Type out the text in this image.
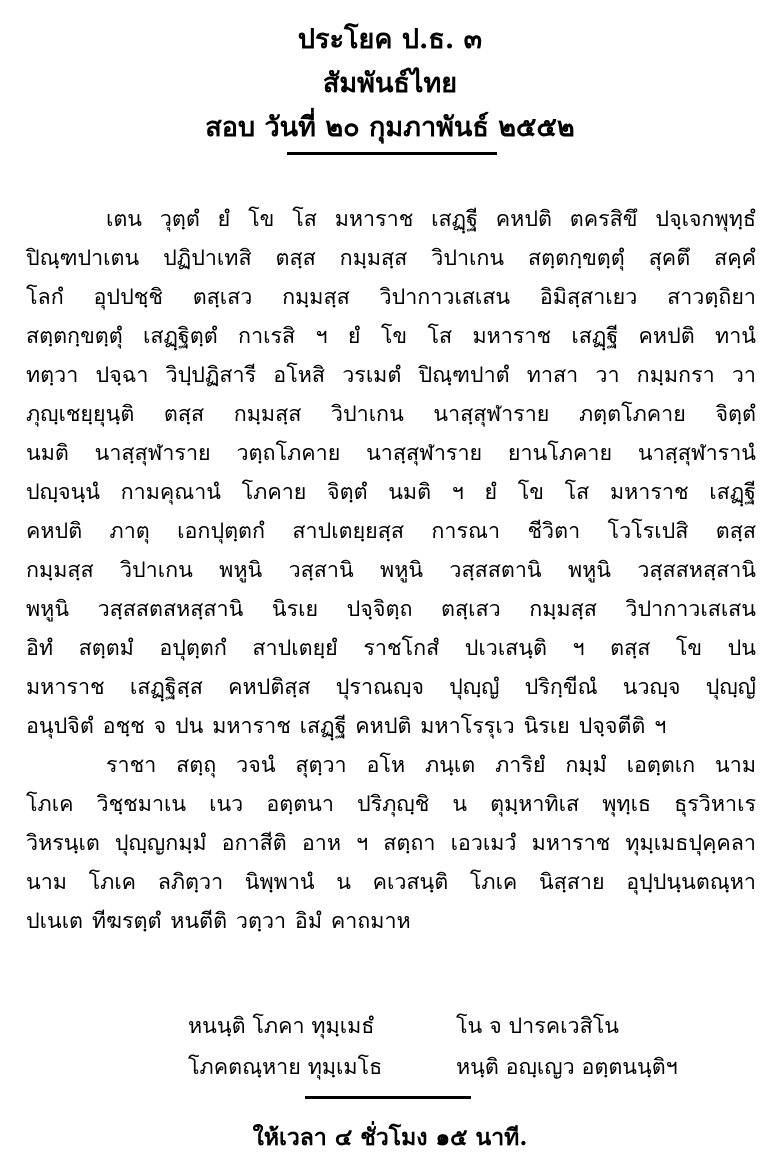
ประโยค ป.ธ. ๓
สัมพันธ์ไทย
สอบ วันที่ ๒๐ กุมภาพันธ์ ๒๕๕๒
เตน วุตฺตํ ยํ โข โส มหาราช เสฏฺฐี คหปติ ตครสิขึ ปจฺเจกพุทฺธํ
ปิณฺฑปาเตน ปฏิปาเทสิ ตสฺส กมฺมสฺส วิปาเกน สตฺตกฺขตฺตุํ สุคตึ สคฺคํ
โลกํ อุปปชฺชิ ตสฺเสว กมฺมสฺส วิปากาวเสเสน อิมิสฺสาเยว สาวตฺถิยา
สตฺตกฺขตฺตุํ เสฏฺฐิตฺตํ กาเรสิ ฯ ยํ โข โส มหาราช เสฏฺฐี คหปติ ทานํ
ทตฺวา ปจฺฉา วิปฺปฏิสารี อโหสิ วรเมตํ ปิณฺฑปาตํ ทาสา วา กมฺมกรา วา
ภุญฺเชยฺยุนฺติ ตสฺส กมฺมสฺส วิปาเกน นาสฺสุฬาราย ภตฺตโภคาย จิตฺตํ
นมติ นาสฺสุฬาราย วตฺถโภคาย นาสฺสุฬาราย ยานโภคาย นาสฺสุฬารานํ
ปญฺจนฺนํ กามคุณานํ โภคาย จิตฺตํ นมติ ฯ ยํ โข โส มหาราช เสฏฺฐี
คหปติ ภาตุ เอกปุตฺตกํ สาปเตยฺยสฺส การณา ชีวิตา โวโรเปสิ ตสฺส
กมฺมสฺส วิปาเกน พหูนิ วสฺสานิ พหูนิ วสฺสสตานิ พหูนิ วสฺสสหสฺสานิ
พหูนิ วสฺสสตสหสฺสานิ นิรเย ปจฺจิตฺถ ตสฺเสว กมฺมสฺส วิปากาวเสเสน
อิทํ สตฺตมํ อปุตฺตกํ สาปเตยฺยํ ราชโกสํ ปเวเสนฺติ ฯ ตสฺส โข ปน
มหาราช เสฏฺฐิสฺส คหปติสฺส ปุราณญฺจ ปุญฺญํ ปริกฺขีณํ นวญฺจ ปุญฺญํ
อนุปจิตํ อชฺช จ ปน มหาราช เสฏฺฐี คหปติ มหาโรรุเว นิรเย ปจฺจตีติ ฯ
ราชา สตฺถุ วจนํ สุตฺวา อโห ภนฺเต ภาริยํ กมฺมํ เอตฺตเก นาม
โภเค วิชฺชมาเน เนว อตฺตนา ปริภุญฺชิ น ตุมฺหาทิเส พุทฺเธ ธุรวิหาเร
วิหรนฺเต ปุญฺญกมฺมํ อกาสีติ อาห ฯ สตฺถา เอวเมวํ มหาราช ทุมฺเมธปุคฺคลา
นาม โภเค ลภิตฺวา นิพฺพานํ น คเวสนฺติ โภเค นิสฺสาย อุปฺปนฺนตณฺหา
ปเนเต ทีฆรตฺตํ หนตีติ วตฺวา อิมํ คาถมาห
หนนฺติ โภคา ทุมฺเมธํ	โน จ ปารคเวสิโน
โภคตณฺหาย ทุมฺเมโธ	หนฺติ อญฺเญว อตฺตนนฺติฯ
ให้เวลา ๔ ชั่วโมง ๑๕ นาที.
